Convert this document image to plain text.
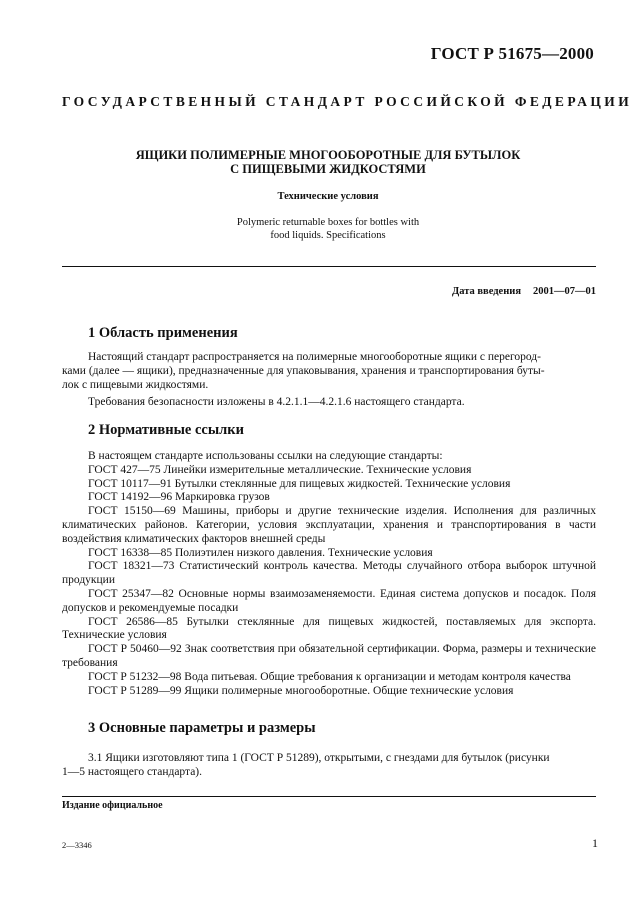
ГОСТ Р 51675—2000
ГОСУДАРСТВЕННЫЙ СТАНДАРТ РОССИЙСКОЙ ФЕДЕРАЦИИ
ЯЩИКИ ПОЛИМЕРНЫЕ МНОГООБОРОТНЫЕ ДЛЯ БУТЫЛОК
С ПИЩЕВЫМИ ЖИДКОСТЯМИ
Технические условия
Polymeric returnable boxes for bottles with
food liquids. Specifications
Дата введения 2001—07—01
1 Область применения
Настоящий стандарт распространяется на полимерные многооборотные ящики с перегород-
ками (далее — ящики), предназначенные для упаковывания, хранения и транспортирования буты-
лок с пищевыми жидкостями.
Требования безопасности изложены в 4.2.1.1—4.2.1.6 настоящего стандарта.
2 Нормативные ссылки
В настоящем стандарте использованы ссылки на следующие стандарты:
ГОСТ 427—75 Линейки измерительные металлические. Технические условия
ГОСТ 10117—91 Бутылки стеклянные для пищевых жидкостей. Технические условия
ГОСТ 14192—96 Маркировка грузов
ГОСТ 15150—69 Машины, приборы и другие технические изделия. Исполнения для различных климатических районов. Категории, условия эксплуатации, хранения и транспортирования в части воздействия климатических факторов внешней среды
ГОСТ 16338—85 Полиэтилен низкого давления. Технические условия
ГОСТ 18321—73 Статистический контроль качества. Методы случайного отбора выборок штучной продукции
ГОСТ 25347—82 Основные нормы взаимозаменяемости. Единая система допусков и посадок. Поля допусков и рекомендуемые посадки
ГОСТ 26586—85 Бутылки стеклянные для пищевых жидкостей, поставляемых для экспорта. Технические условия
ГОСТ Р 50460—92 Знак соответствия при обязательной сертификации. Форма, размеры и технические требования
ГОСТ Р 51232—98 Вода питьевая. Общие требования к организации и методам контроля качества
ГОСТ Р 51289—99 Ящики полимерные многооборотные. Общие технические условия
3 Основные параметры и размеры
3.1 Ящики изготовляют типа 1 (ГОСТ Р 51289), открытыми, с гнездами для бутылок (рисунки
1—5 настоящего стандарта).
Издание официальное
2—3346	1
